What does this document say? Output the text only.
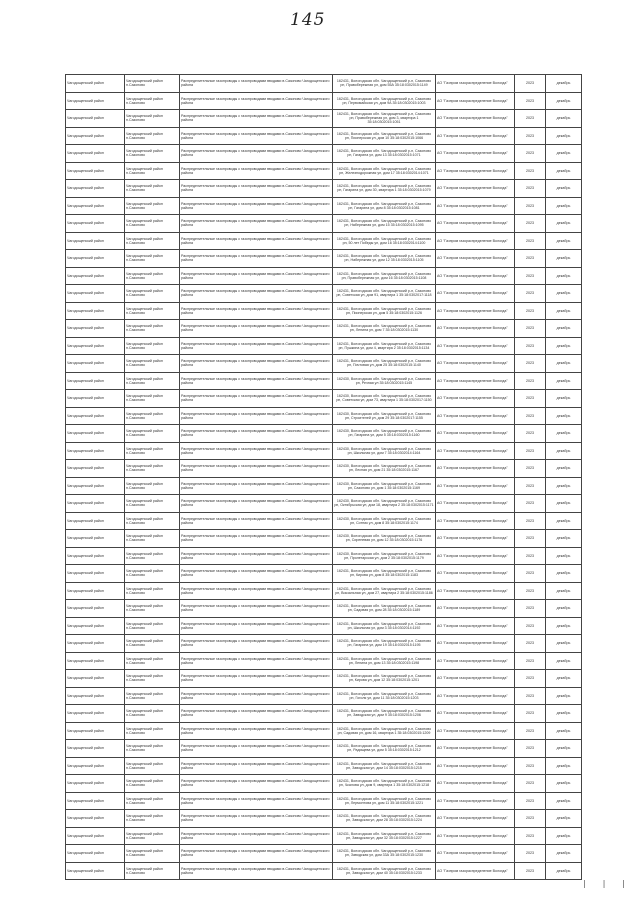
145
Чагодощенский район	Чагодощенский район п.Сазоново	Распределительные газопроводы с газопроводами вводами в.Сазоново Чагодощенского района	162431, Вологодская обл. Чагодощенский р-н, Сазоново рп, Правобережная ул, дом 55А 35:18:0302015:1149	АО "Газпром газораспределение Вологда"	2023	декабрь
Чагодощенский район	Чагодощенский район п.Сазоново	Распределительные газопроводы с газопроводами вводами в.Сазоново Чагодощенского района	162431, Вологодская обл. Чагодощенский р-н, Сазоново рп, Первомайская ул, дом 9А 35:18:0302015:1003	АО "Газпром газораспределение Вологда"	2023	декабрь
Чагодощенский район	Чагодощенский район п.Сазоново	Распределительные газопроводы с газопроводами вводами в.Сазоново Чагодощенского района	162431, Вологодская обл. Чагодощенский р-н, Сазоново рп, Правобережная ул, дом 3, квартира 1 35:18:0302015:1051	АО "Газпром газораспределение Вологда"	2023	декабрь
Чагодощенский район	Чагодощенский район п.Сазоново	Распределительные газопроводы с газопроводами вводами в.Сазоново Чагодощенского района	162431, Вологодская обл. Чагодощенский р-н, Сазоново рп, Пионерская ул, дом 10 35:18:0302015:1066	АО "Газпром газораспределение Вологда"	2023	декабрь
Чагодощенский район	Чагодощенский район п.Сазоново	Распределительные газопроводы с газопроводами вводами в.Сазоново Чагодощенского района	162431, Вологодская обл. Чагодощенский р-н, Сазоново рп, Гагарина ул, дом 13 35:18:0302015:1071	АО "Газпром газораспределение Вологда"	2023	декабрь
Чагодощенский район	Чагодощенский район п.Сазоново	Распределительные газопроводы с газопроводами вводами в.Сазоново Чагодощенского района	162431, Вологодская обл. Чагодощенский р-н, Сазоново рп, Железнодорожная ул, дом 17 35:18:0302014:1071	АО "Газпром газораспределение Вологда"	2023	декабрь
Чагодощенский район	Чагодощенский район п.Сазоново	Распределительные газопроводы с газопроводами вводами в.Сазоново Чагодощенского района	162431, Вологодская обл. Чагодощенский р-н, Сазоново рп, Гагарина ул, дом 30, квартира 1 35:18:0302015:1079	АО "Газпром газораспределение Вологда"	2023	декабрь
Чагодощенский район	Чагодощенский район п.Сазоново	Распределительные газопроводы с газопроводами вводами в.Сазоново Чагодощенского района	162431, Вологодская обл. Чагодощенский р-н, Сазоново рп, Гагарина ул, дом 8 35:18:0302015:1081	АО "Газпром газораспределение Вологда"	2023	декабрь
Чагодощенский район	Чагодощенский район п.Сазоново	Распределительные газопроводы с газопроводами вводами в.Сазоново Чагодощенского района	162431, Вологодская обл. Чагодощенский р-н, Сазоново рп, Набережная ул, дом 15 35:18:0302015:1095	АО "Газпром газораспределение Вологда"	2023	декабрь
Чагодощенский район	Чагодощенский район п.Сазоново	Распределительные газопроводы с газопроводами вводами в.Сазоново Чагодощенского района	162431, Вологодская обл. Чагодощенский р-н, Сазоново рп, 50 лет Победы ул, дом 16 35:18:0302014:1100	АО "Газпром газораспределение Вологда"	2023	декабрь
Чагодощенский район	Чагодощенский район п.Сазоново	Распределительные газопроводы с газопроводами вводами в.Сазоново Чагодощенского района	162431, Вологодская обл. Чагодощенский р-н, Сазоново рп, Набережная ул, дом 12 35:18:0302015:1105	АО "Газпром газораспределение Вологда"	2023	декабрь
Чагодощенский район	Чагодощенский район п.Сазоново	Распределительные газопроводы с газопроводами вводами в.Сазоново Чагодощенского района	162431, Вологодская обл. Чагодощенский р-н, Сазоново рп, Правобережная ул, дом 16 35:18:0302015:1108	АО "Газпром газораспределение Вологда"	2023	декабрь
Чагодощенский район	Чагодощенский район п.Сазоново	Распределительные газопроводы с газопроводами вводами в.Сазоново Чагодощенского района	162431, Вологодская обл. Чагодощенский р-н, Сазоново рп, Советская ул, дом 91, квартира 1 35:18:0302017:1118	АО "Газпром газораспределение Вологда"	2023	декабрь
Чагодощенский район	Чагодощенский район п.Сазоново	Распределительные газопроводы с газопроводами вводами в.Сазоново Чагодощенского района	162431, Вологодская обл. Чагодощенский р-н, Сазоново рп, Пионерская ул, дом 5 35:18:0302015:1126	АО "Газпром газораспределение Вологда"	2023	декабрь
Чагодощенский район	Чагодощенский район п.Сазоново	Распределительные газопроводы с газопроводами вводами в.Сазоново Чагодощенского района	162431, Вологодская обл. Чагодощенский р-н, Сазоново рп, Ленина ул, дом 7 35:18:0302015:1130	АО "Газпром газораспределение Вологда"	2023	декабрь
Чагодощенский район	Чагодощенский район п.Сазоново	Распределительные газопроводы с газопроводами вводами в.Сазоново Чагодощенского района	162431, Вологодская обл. Чагодощенский р-н, Сазоново рп, Пушкина ул, дом 4, квартира 2 35:18:0302015:1134	АО "Газпром газораспределение Вологда"	2023	декабрь
Чагодощенский район	Чагодощенский район п.Сазоново	Распределительные газопроводы с газопроводами вводами в.Сазоново Чагодощенского района	162431, Вологодская обл. Чагодощенский р-н, Сазоново рп, Почтовая ул, дом 25 35:18:0302015:1140	АО "Газпром газораспределение Вологда"	2023	декабрь
Чагодощенский район	Чагодощенский район п.Сазоново	Распределительные газопроводы с газопроводами вводами в.Сазоново Чагодощенского района	162430, Вологодская обл. Чагодощенский р-н, Сазоново рп, Речная ул 35:18:0302015:1145	АО "Газпром газораспределение Вологда"	2023	декабрь
Чагодощенский район	Чагодощенский район п.Сазоново	Распределительные газопроводы с газопроводами вводами в.Сазоново Чагодощенского района	162430, Вологодская обл. Чагодощенский р-н, Сазоново рп, Советская ул, дом 73, квартира 1 35:18:0302017:1150	АО "Газпром газораспределение Вологда"	2023	декабрь
Чагодощенский район	Чагодощенский район п.Сазоново	Распределительные газопроводы с газопроводами вводами в.Сазоново Чагодощенского района	162430, Вологодская обл. Чагодощенский р-н, Сазоново рп, Строителей ул, дом 29 35:18:0302017:1155	АО "Газпром газораспределение Вологда"	2023	декабрь
Чагодощенский район	Чагодощенский район п.Сазоново	Распределительные газопроводы с газопроводами вводами в.Сазоново Чагодощенского района	162430, Вологодская обл. Чагодощенский р-н, Сазоново рп, Гагарина ул, дом 5 35:18:0302015:1160	АО "Газпром газораспределение Вологда"	2023	декабрь
Чагодощенский район	Чагодощенский район п.Сазоново	Распределительные газопроводы с газопроводами вводами в.Сазоново Чагодощенского района	162430, Вологодская обл. Чагодощенский р-н, Сазоново рп, Школьная ул, дом 7 35:18:0302014:1164	АО "Газпром газораспределение Вологда"	2023	декабрь
Чагодощенский район	Чагодощенский район п.Сазоново	Распределительные газопроводы с газопроводами вводами в.Сазоново Чагодощенского района	162430, Вологодская обл. Чагодощенский р-н, Сазоново рп, Лесная ул, дом 21 35:18:0302015:1167	АО "Газпром газораспределение Вологда"	2023	декабрь
Чагодощенский район	Чагодощенский район п.Сазоново	Распределительные газопроводы с газопроводами вводами в.Сазоново Чагодощенского района	162430, Вологодская обл. Чагодощенский р-н, Сазоново рп, Сазоново ул, дом 1 35:18:0302015:1169	АО "Газпром газораспределение Вологда"	2023	декабрь
Чагодощенский район	Чагодощенский район п.Сазоново	Распределительные газопроводы с газопроводами вводами в.Сазоново Чагодощенского района	162430, Вологодская обл. Чагодощенский р-н, Сазоново рп, Октябрьская ул, дом 18, квартира 2 35:18:0302015:1171	АО "Газпром газораспределение Вологда"	2023	декабрь
Чагодощенский район	Чагодощенский район п.Сазоново	Распределительные газопроводы с газопроводами вводами в.Сазоново Чагодощенского района	162430, Вологодская обл. Чагодощенский р-н, Сазоново рп, Сотник ул, дом 8 35:18:0302015:1174	АО "Газпром газораспределение Вологда"	2023	декабрь
Чагодощенский район	Чагодощенский район п.Сазоново	Распределительные газопроводы с газопроводами вводами в.Сазоново Чагодощенского района	162430, Вологодская обл. Чагодощенский р-н, Сазоново рп, Сиреневая ул, дом 12 35:18:0302015:1176	АО "Газпром газораспределение Вологда"	2023	декабрь
Чагодощенский район	Чагодощенский район п.Сазоново	Распределительные газопроводы с газопроводами вводами в.Сазоново Чагодощенского района	162430, Вологодская обл. Чагодощенский р-н, Сазоново рп, Пролетарская ул, дом 2 35:18:0302015:1179	АО "Газпром газораспределение Вологда"	2023	декабрь
Чагодощенский район	Чагодощенский район п.Сазоново	Распределительные газопроводы с газопроводами вводами в.Сазоново Чагодощенского района	162431, Вологодская обл. Чагодощенский р-н, Сазоново рп, Кирова ул, дом 8 35:18:0302015:1183	АО "Газпром газораспределение Вологда"	2023	декабрь
Чагодощенский район	Чагодощенский район п.Сазоново	Распределительные газопроводы с газопроводами вводами в.Сазоново Чагодощенского района	162431, Вологодская обл. Чагодощенский р-н, Сазоново рп, Вокзальная ул, дом 27, квартира 2 35:18:0302015:1186	АО "Газпром газораспределение Вологда"	2023	декабрь
Чагодощенский район	Чагодощенский район п.Сазоново	Распределительные газопроводы с газопроводами вводами в.Сазоново Чагодощенского района	162431, Вологодская обл. Чагодощенский р-н, Сазоново рп, Садовая ул, дом 28 35:18:0302015:1189	АО "Газпром газораспределение Вологда"	2023	декабрь
Чагодощенский район	Чагодощенский район п.Сазоново	Распределительные газопроводы с газопроводами вводами в.Сазоново Чагодощенского района	162431, Вологодская обл. Чагодощенский р-н, Сазоново рп, Школьная ул, дом 3 35:18:0302014:1192	АО "Газпром газораспределение Вологда"	2023	декабрь
Чагодощенский район	Чагодощенский район п.Сазоново	Распределительные газопроводы с газопроводами вводами в.Сазоново Чагодощенского района	162431, Вологодская обл. Чагодощенский р-н, Сазоново рп, Гагарина ул, дом 19 35:18:0302015:1195	АО "Газпром газораспределение Вологда"	2023	декабрь
Чагодощенский район	Чагодощенский район п.Сазоново	Распределительные газопроводы с газопроводами вводами в.Сазоново Чагодощенского района	162431, Вологодская обл. Чагодощенский р-н, Сазоново рп, Ленина ул, дом 13 35:18:0302015:1198	АО "Газпром газораспределение Вологда"	2023	декабрь
Чагодощенский район	Чагодощенский район п.Сазоново	Распределительные газопроводы с газопроводами вводами в.Сазоново Чагодощенского района	162431, Вологодская обл. Чагодощенский р-н, Сазоново рп, Кирова ул, дом 12 35:18:0302015:1201	АО "Газпром газораспределение Вологда"	2023	декабрь
Чагодощенский район	Чагодощенский район п.Сазоново	Распределительные газопроводы с газопроводами вводами в.Сазоново Чагодощенского района	162431, Вологодская обл. Чагодощенский р-н, Сазоново рп, Гоголя ул, дом 11 35:18:0302015:1203	АО "Газпром газораспределение Вологда"	2023	декабрь
Чагодощенский район	Чагодощенский район п.Сазоново	Распределительные газопроводы с газопроводами вводами в.Сазоново Чагодощенского района	162431, Вологодская обл. Чагодощенский р-н, Сазоново рп, Заводская ул, дом 9 35:18:0302015:1206	АО "Газпром газораспределение Вологда"	2023	декабрь
Чагодощенский район	Чагодощенский район п.Сазоново	Распределительные газопроводы с газопроводами вводами в.Сазоново Чагодощенского района	162431, Вологодская обл. Чагодощенский р-н, Сазоново рп, Садовая ул, дом 16, квартира 1 35:18:0302015:1209	АО "Газпром газораспределение Вологда"	2023	декабрь
Чагодощенский район	Чагодощенский район п.Сазоново	Распределительные газопроводы с газопроводами вводами в.Сазоново Чагодощенского района	162431, Вологодская обл. Чагодощенский р-н, Сазоново рп, Радищева ул, дом 5 35:18:0302015:1212	АО "Газпром газораспределение Вологда"	2023	декабрь
Чагодощенский район	Чагодощенский район п.Сазоново	Распределительные газопроводы с газопроводами вводами в.Сазоново Чагодощенского района	162431, Вологодская обл. Чагодощенский р-н, Сазоново рп, Заводская ул, дом 14 35:18:0302015:1215	АО "Газпром газораспределение Вологда"	2023	декабрь
Чагодощенский район	Чагодощенский район п.Сазоново	Распределительные газопроводы с газопроводами вводами в.Сазоново Чагодощенского района	162431, Вологодская обл. Чагодощенский р-н, Сазоново рп, Чкалова ул, дом 9, квартира 1 35:18:0302015:1218	АО "Газпром газораспределение Вологда"	2023	декабрь
Чагодощенский район	Чагодощенский район п.Сазоново	Распределительные газопроводы с газопроводами вводами в.Сазоново Чагодощенского района	162431, Вологодская обл. Чагодощенский р-н, Сазоново рп, Лермонтова ул, дом 11 35:18:0302015:1221	АО "Газпром газораспределение Вологда"	2023	декабрь
Чагодощенский район	Чагодощенский район п.Сазоново	Распределительные газопроводы с газопроводами вводами в.Сазоново Чагодощенского района	162431, Вологодская обл. Чагодощенский р-н, Сазоново рп, Заводская ул, дом 28 35:18:0302015:1224	АО "Газпром газораспределение Вологда"	2023	декабрь
Чагодощенский район	Чагодощенский район п.Сазоново	Распределительные газопроводы с газопроводами вводами в.Сазоново Чагодощенского района	162431, Вологодская обл. Чагодощенский р-н, Сазоново рп, Заводская ул, дом 32 35:18:0302015:1227	АО "Газпром газораспределение Вологда"	2023	декабрь
Чагодощенский район	Чагодощенский район п.Сазоново	Распределительные газопроводы с газопроводами вводами в.Сазоново Чагодощенского района	162431, Вологодская обл. Чагодощенский р-н, Сазоново рп, Заводская ул, дом 33А 35:18:0302015:1230	АО "Газпром газораспределение Вологда"	2023	декабрь
Чагодощенский район	Чагодощенский район п.Сазоново	Распределительные газопроводы с газопроводами вводами в.Сазоново Чагодощенского района	162431, Вологодская обл. Чагодощенский р-н, Сазоново рп, Заводская ул, дом 40 35:18:0302015:1233	АО "Газпром газораспределение Вологда"	2023	декабрь
| | |
